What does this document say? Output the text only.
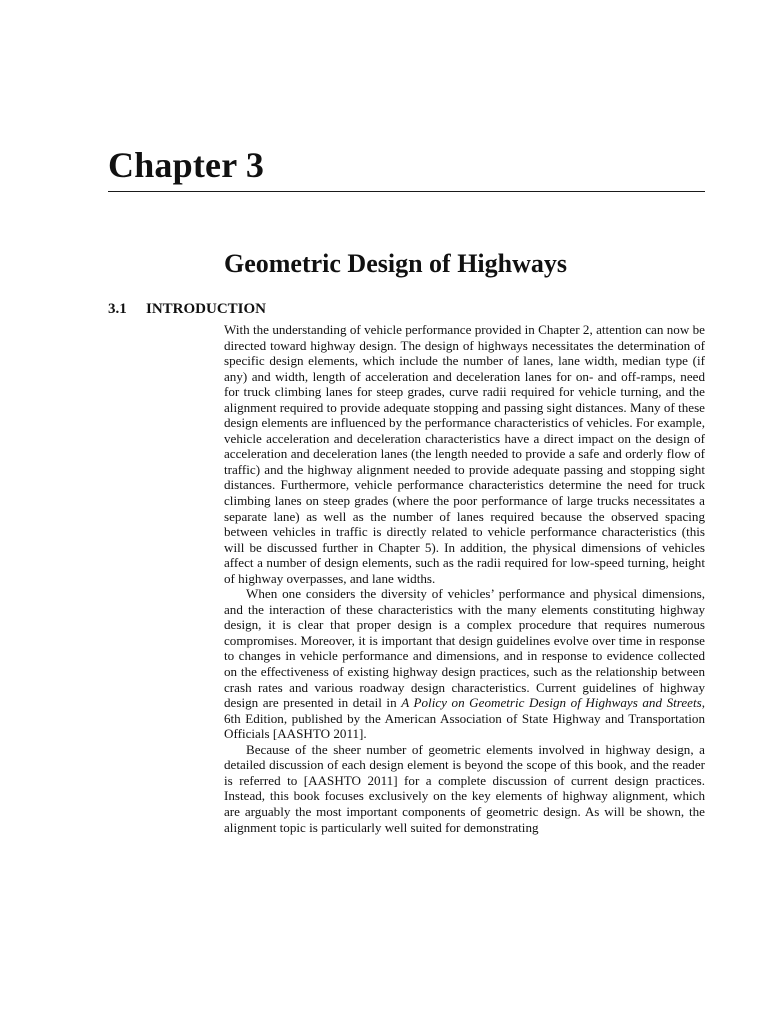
Chapter 3
Geometric Design of Highways
3.1 INTRODUCTION

With the understanding of vehicle performance provided in Chapter 2, attention can now be directed toward highway design. The design of highways necessitates the determination of specific design elements, which include the number of lanes, lane width, median type (if any) and width, length of acceleration and deceleration lanes for on- and off-ramps, need for truck climbing lanes for steep grades, curve radii required for vehicle turning, and the alignment required to provide adequate stopping and passing sight distances. Many of these design elements are influenced by the performance characteristics of vehicles. For example, vehicle acceleration and deceleration characteristics have a direct impact on the design of acceleration and deceleration lanes (the length needed to provide a safe and orderly flow of traffic) and the highway alignment needed to provide adequate passing and stopping sight distances. Furthermore, vehicle performance characteristics determine the need for truck climbing lanes on steep grades (where the poor performance of large trucks necessitates a separate lane) as well as the number of lanes required because the observed spacing between vehicles in traffic is directly related to vehicle performance characteristics (this will be discussed further in Chapter 5). In addition, the physical dimensions of vehicles affect a number of design elements, such as the radii required for low-speed turning, height of highway overpasses, and lane widths.

When one considers the diversity of vehicles’ performance and physical dimensions, and the interaction of these characteristics with the many elements constituting highway design, it is clear that proper design is a complex procedure that requires numerous compromises. Moreover, it is important that design guidelines evolve over time in response to changes in vehicle performance and dimensions, and in response to evidence collected on the effectiveness of existing highway design practices, such as the relationship between crash rates and various roadway design characteristics. Current guidelines of highway design are presented in detail in A Policy on Geometric Design of Highways and Streets, 6th Edition, published by the American Association of State Highway and Transportation Officials [AASHTO 2011].

Because of the sheer number of geometric elements involved in highway design, a detailed discussion of each design element is beyond the scope of this book, and the reader is referred to [AASHTO 2011] for a complete discussion of current design practices. Instead, this book focuses exclusively on the key elements of highway alignment, which are arguably the most important components of geometric design. As will be shown, the alignment topic is particularly well suited for demonstrating
